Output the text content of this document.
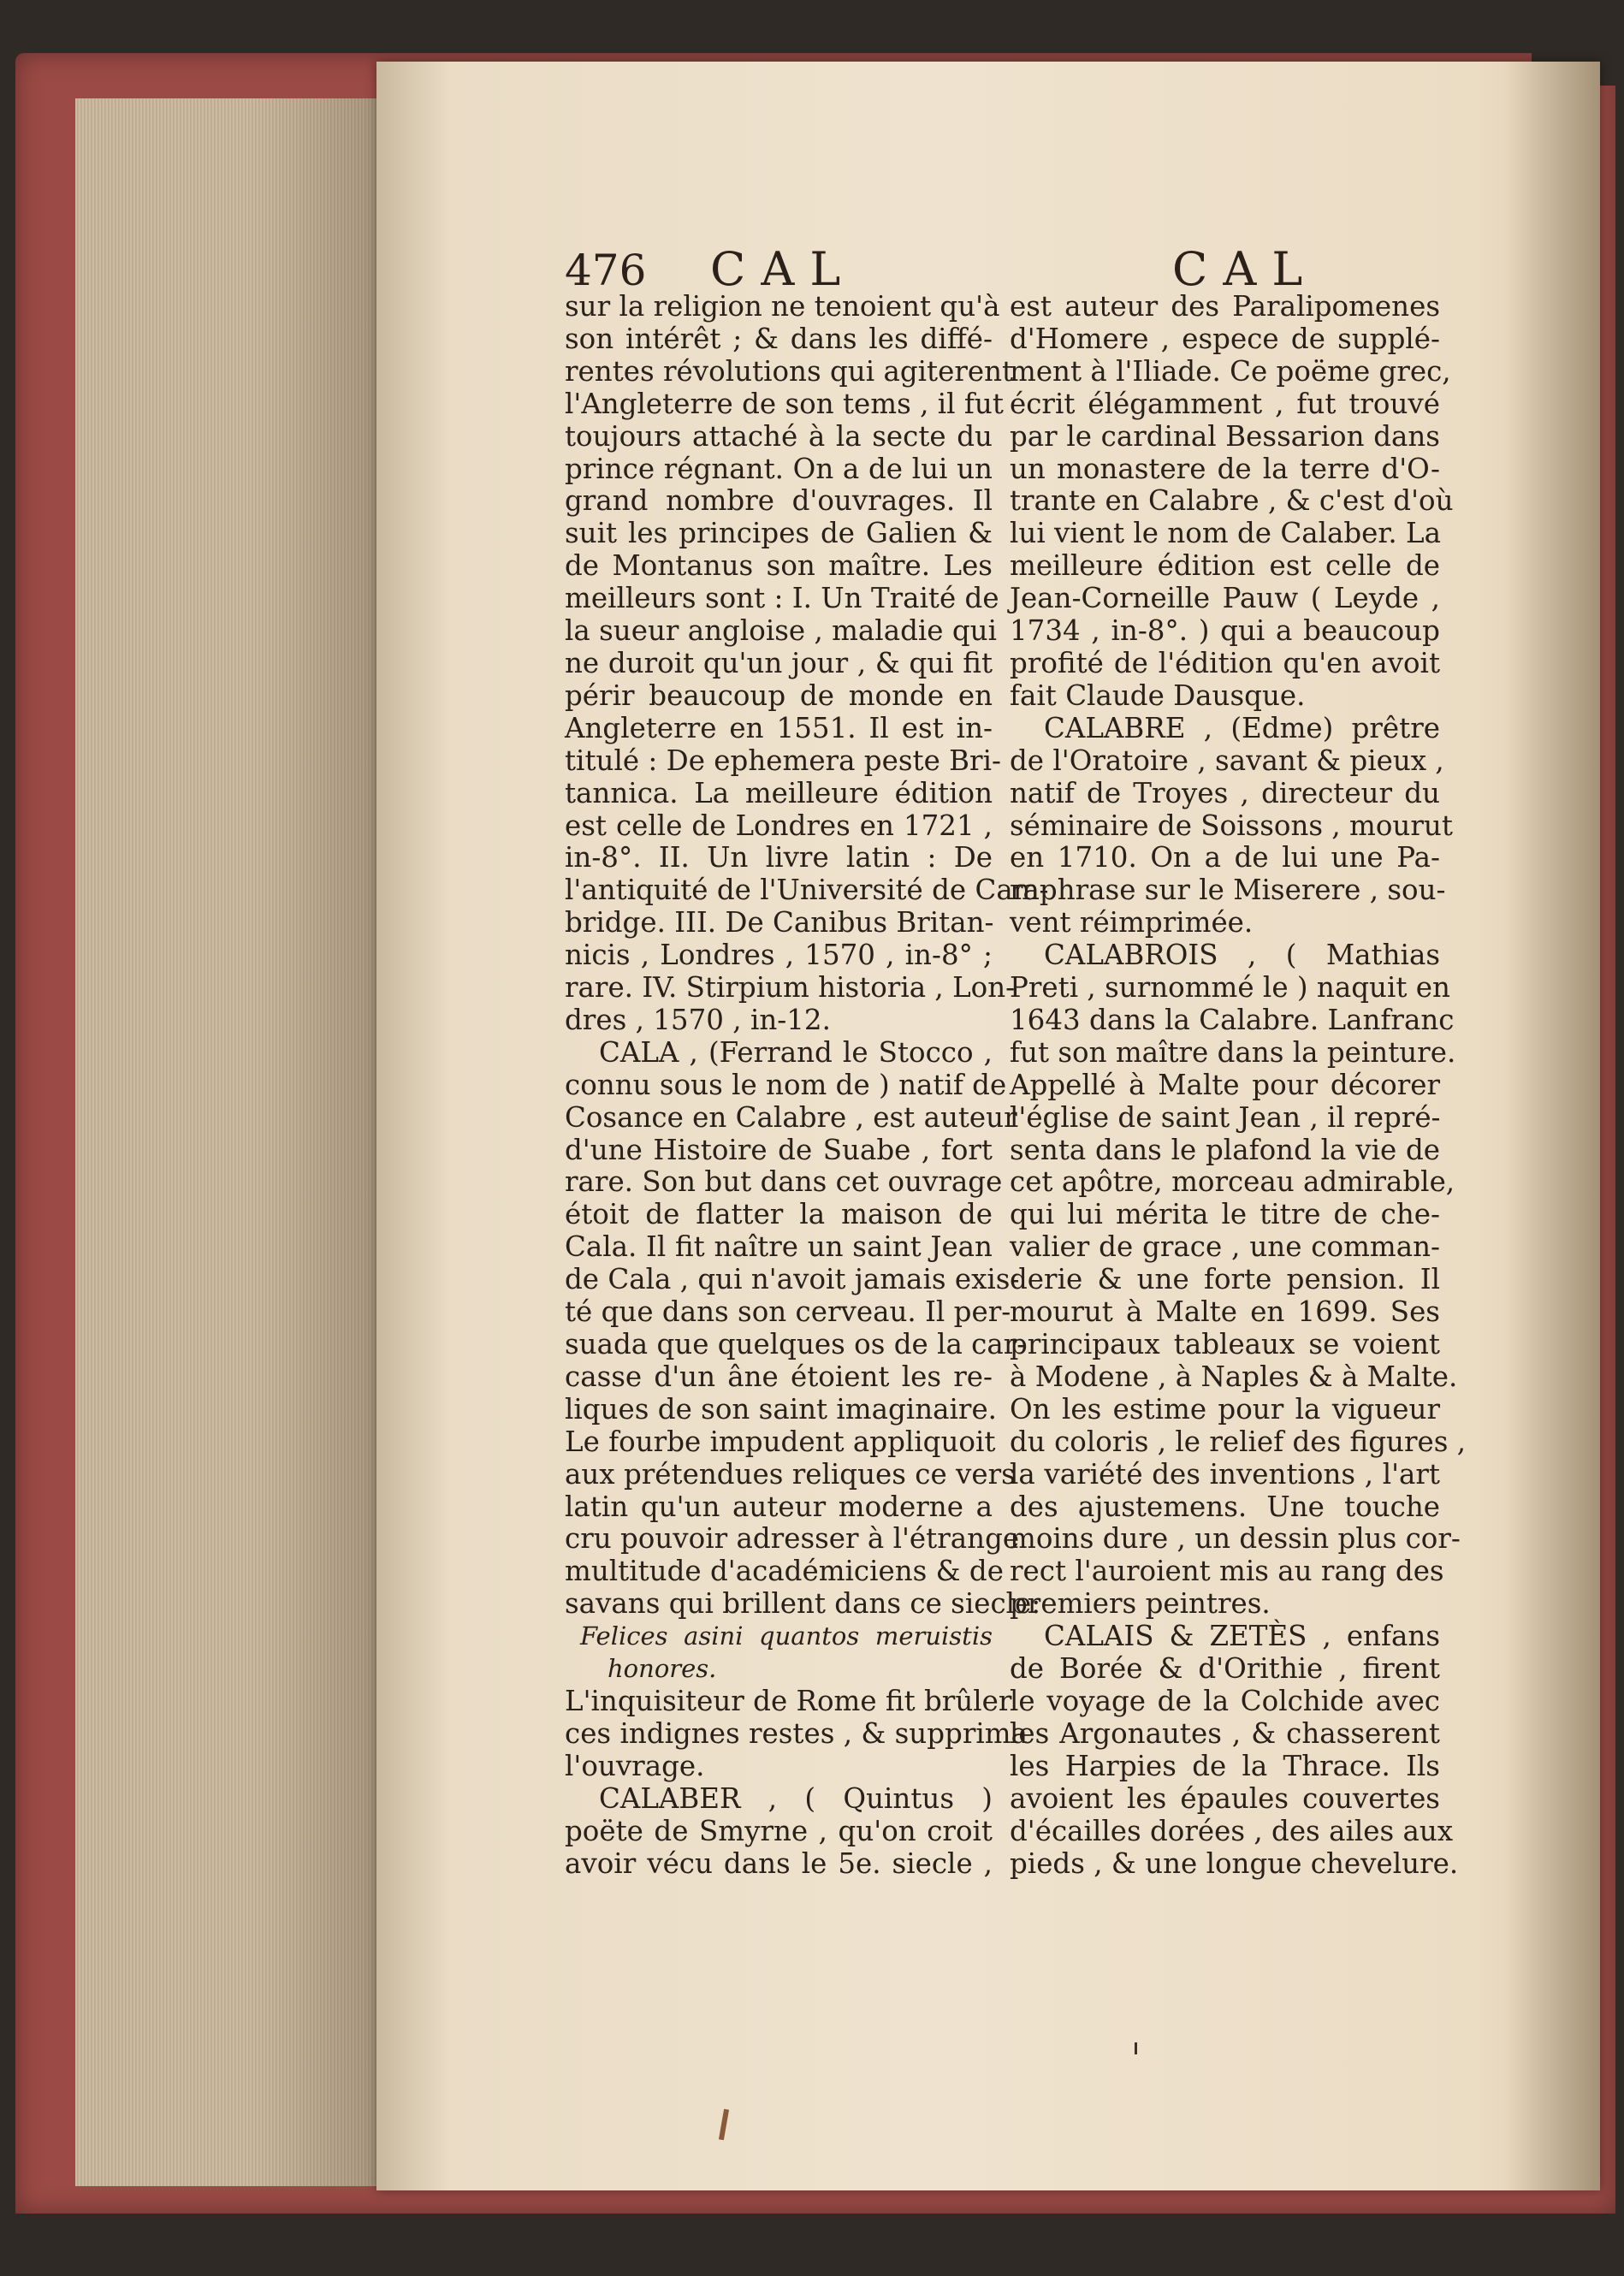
476 CAL	CAL
sur la religion ne tenoient qu'à
son intérêt ; & dans les diffé-
rentes révolutions qui agiterent
l'Angleterre de son tems , il fut
toujours attaché à la secte du
prince régnant. On a de lui un
grand nombre d'ouvrages. Il
suit les principes de Galien &
de Montanus son maître. Les
meilleurs sont : I. Un Traité de
la sueur angloise , maladie qui
ne duroit qu'un jour , & qui fit
périr beaucoup de monde en
Angleterre en 1551. Il est in-
titulé : De ephemera peste Bri-
tannica. La meilleure édition
est celle de Londres en 1721 ,
in-8°. II. Un livre latin : De
l'antiquité de l'Université de Cam-
bridge. III. De Canibus Britan-
nicis , Londres , 1570 , in-8° ;
rare. IV. Stirpium historia , Lon-
dres , 1570 , in-12.
CALA , (Ferrand le Stocco ,
connu sous le nom de ) natif de
Cosance en Calabre , est auteur
d'une Histoire de Suabe , fort
rare. Son but dans cet ouvrage
étoit de flatter la maison de
Cala. Il fit naître un saint Jean
de Cala , qui n'avoit jamais exis-
té que dans son cerveau. Il per-
suada que quelques os de la car-
casse d'un âne étoient les re-
liques de son saint imaginaire.
Le fourbe impudent appliquoit
aux prétendues reliques ce vers
latin qu'un auteur moderne a
cru pouvoir adresser à l'étrange
multitude d'académiciens & de
savans qui brillent dans ce siecle:
Felices asini quantos meruistis
honores.
L'inquisiteur de Rome fit brûler
ces indignes restes , & supprima
l'ouvrage.
CALABER , ( Quintus )
poëte de Smyrne , qu'on croit
avoir vécu dans le 5e. siecle ,
est auteur des Paralipomenes
d'Homere , espece de supplé-
ment à l'Iliade. Ce poëme grec,
écrit élégamment , fut trouvé
par le cardinal Bessarion dans
un monastere de la terre d'O-
trante en Calabre , & c'est d'où
lui vient le nom de Calaber. La
meilleure édition est celle de
Jean-Corneille Pauw ( Leyde ,
1734 , in-8°. ) qui a beaucoup
profité de l'édition qu'en avoit
fait Claude Dausque.
CALABRE , (Edme) prêtre
de l'Oratoire , savant & pieux ,
natif de Troyes , directeur du
séminaire de Soissons , mourut
en 1710. On a de lui une Pa-
raphrase sur le Miserere , sou-
vent réimprimée.
CALABROIS , ( Mathias
Preti , surnommé le ) naquit en
1643 dans la Calabre. Lanfranc
fut son maître dans la peinture.
Appellé à Malte pour décorer
l'église de saint Jean , il repré-
senta dans le plafond la vie de
cet apôtre, morceau admirable,
qui lui mérita le titre de che-
valier de grace , une comman-
derie & une forte pension. Il
mourut à Malte en 1699. Ses
principaux tableaux se voient
à Modene , à Naples & à Malte.
On les estime pour la vigueur
du coloris , le relief des figures ,
la variété des inventions , l'art
des ajustemens. Une touche
moins dure , un dessin plus cor-
rect l'auroient mis au rang des
premiers peintres.
CALAIS & ZETÈS , enfans
de Borée & d'Orithie , firent
le voyage de la Colchide avec
les Argonautes , & chasserent
les Harpies de la Thrace. Ils
avoient les épaules couvertes
d'écailles dorées , des ailes aux
pieds , & une longue chevelure.
